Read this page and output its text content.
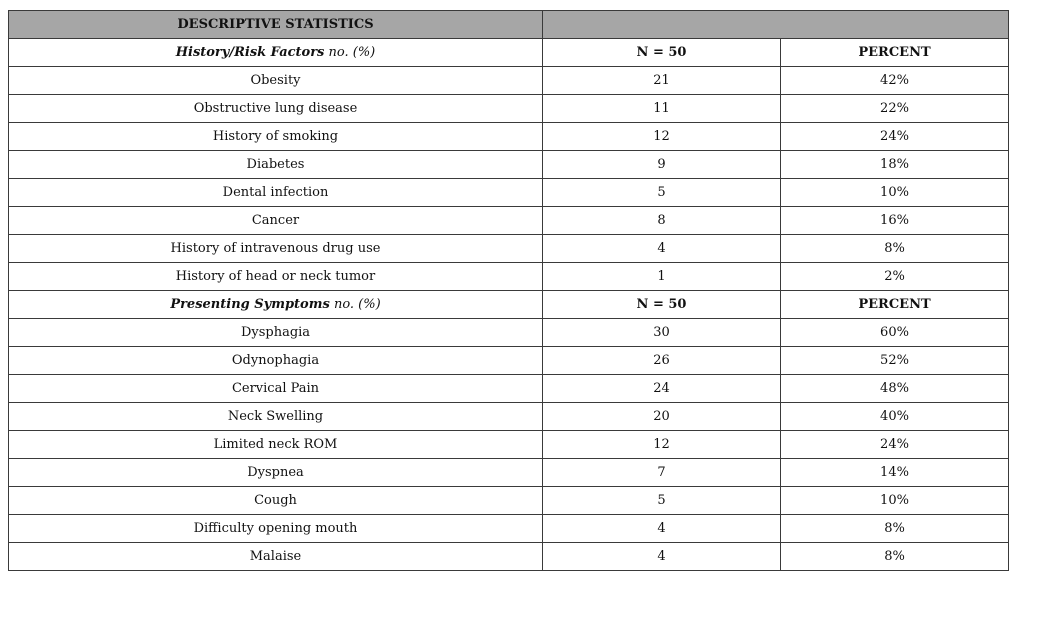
DESCRIPTIVE STATISTICS		
History/Risk Factors no. (%)	N = 50	PERCENT
Obesity	21	42%
Obstructive lung disease	11	22%
History of smoking	12	24%
Diabetes	9	18%
Dental infection	5	10%
Cancer	8	16%
History of intravenous drug use	4	8%
History of head or neck tumor	1	2%
Presenting Symptoms no. (%)	N = 50	PERCENT
Dysphagia	30	60%
Odynophagia	26	52%
Cervical Pain	24	48%
Neck Swelling	20	40%
Limited neck ROM	12	24%
Dyspnea	7	14%
Cough	5	10%
Difficulty opening mouth	4	8%
Malaise	4	8%
